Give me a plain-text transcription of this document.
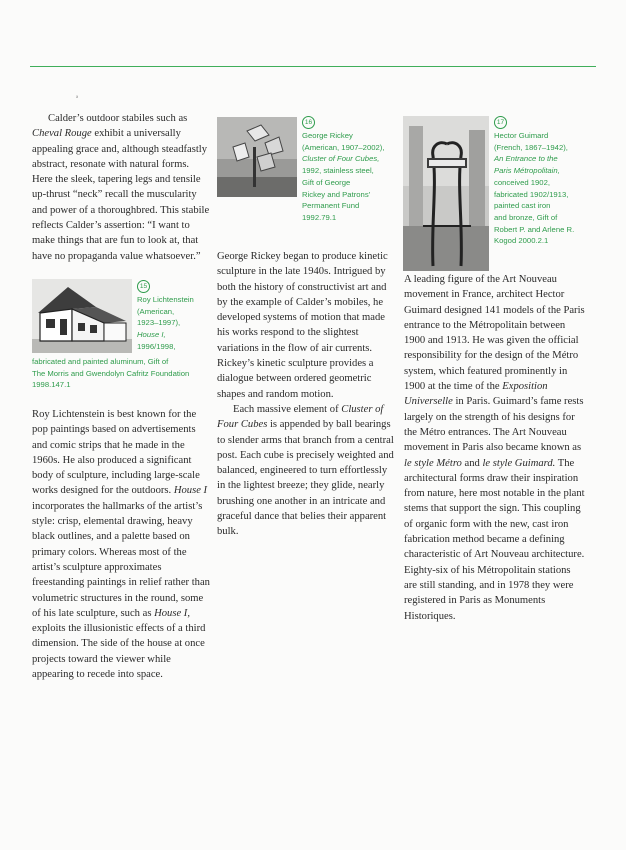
Calder’s outdoor stabiles such as Cheval Rouge exhibit a universally appealing grace and, although steadfastly abstract, resonate with natural forms. Here the sleek, tapering legs and tensile up-thrust “neck” recall the muscularity and power of a thoroughbred. This stabile reflects Calder’s assertion: “I want to make things that are fun to look at, that have no propaganda value whatsoever.”

15
Roy Lichtenstein
(American,
1923–1997),
House I,
1996/1998,
fabricated and painted aluminum, Gift of
The Morris and Gwendolyn Cafritz Foundation
1998.147.1

Roy Lichtenstein is best known for the pop paintings based on advertisements and comic strips that he made in the 1960s. He also produced a significant body of sculpture, including large-scale works designed for the outdoors. House I incorporates the hallmarks of the artist’s style: crisp, elemental drawing, heavy black outlines, and a palette based on primary colors. Whereas most of the artist’s sculpture approximates freestanding paintings in relief rather than volumetric structures in the round, some of his late sculpture, such as House I, exploits the illusionistic effects of a third dimension. The side of the house at once projects toward the viewer while appearing to recede into space.

16
George Rickey
(American, 1907–2002),
Cluster of Four Cubes,
1992, stainless steel,
Gift of George
Rickey and Patrons’
Permanent Fund
1992.79.1

George Rickey began to produce kinetic sculpture in the late 1940s. Intrigued by both the history of constructivist art and by the example of Calder’s mobiles, he developed systems of motion that made his works respond to the slightest variations in the flow of air currents. Rickey’s kinetic sculpture provides a dialogue between ordered geometric shapes and random motion.

Each massive element of Cluster of Four Cubes is appended by ball bearings to slender arms that branch from a central post. Each cube is precisely weighted and balanced, engineered to turn effortlessly in the lightest breeze; they glide, nearly brushing one another in an intricate and graceful dance that belies their apparent bulk.

17
Hector Guimard
(French, 1867–1942),
An Entrance to the
Paris Métropolitain,
conceived 1902,
fabricated 1902/1913,
painted cast iron
and bronze, Gift of
Robert P. and Arlene R.
Kogod 2000.2.1

A leading figure of the Art Nouveau movement in France, architect Hector Guimard designed 141 models of the Paris entrance to the Métropolitain between 1900 and 1913. He was given the official responsibility for the design of the Métro system, which featured prominently in 1900 at the time of the Exposition Universelle in Paris. Guimard’s fame rests largely on the strength of his designs for the Métro entrances. The Art Nouveau movement in Paris also became known as le style Métro and le style Guimard. The architectural forms draw their inspiration from nature, here most notable in the plant stems that support the sign. This coupling of organic form with the new, cast iron fabrication method became a defining characteristic of Art Nouveau architecture. Eighty-six of his Métropolitain stations are still standing, and in 1978 they were registered in Paris as Monuments Historiques.
